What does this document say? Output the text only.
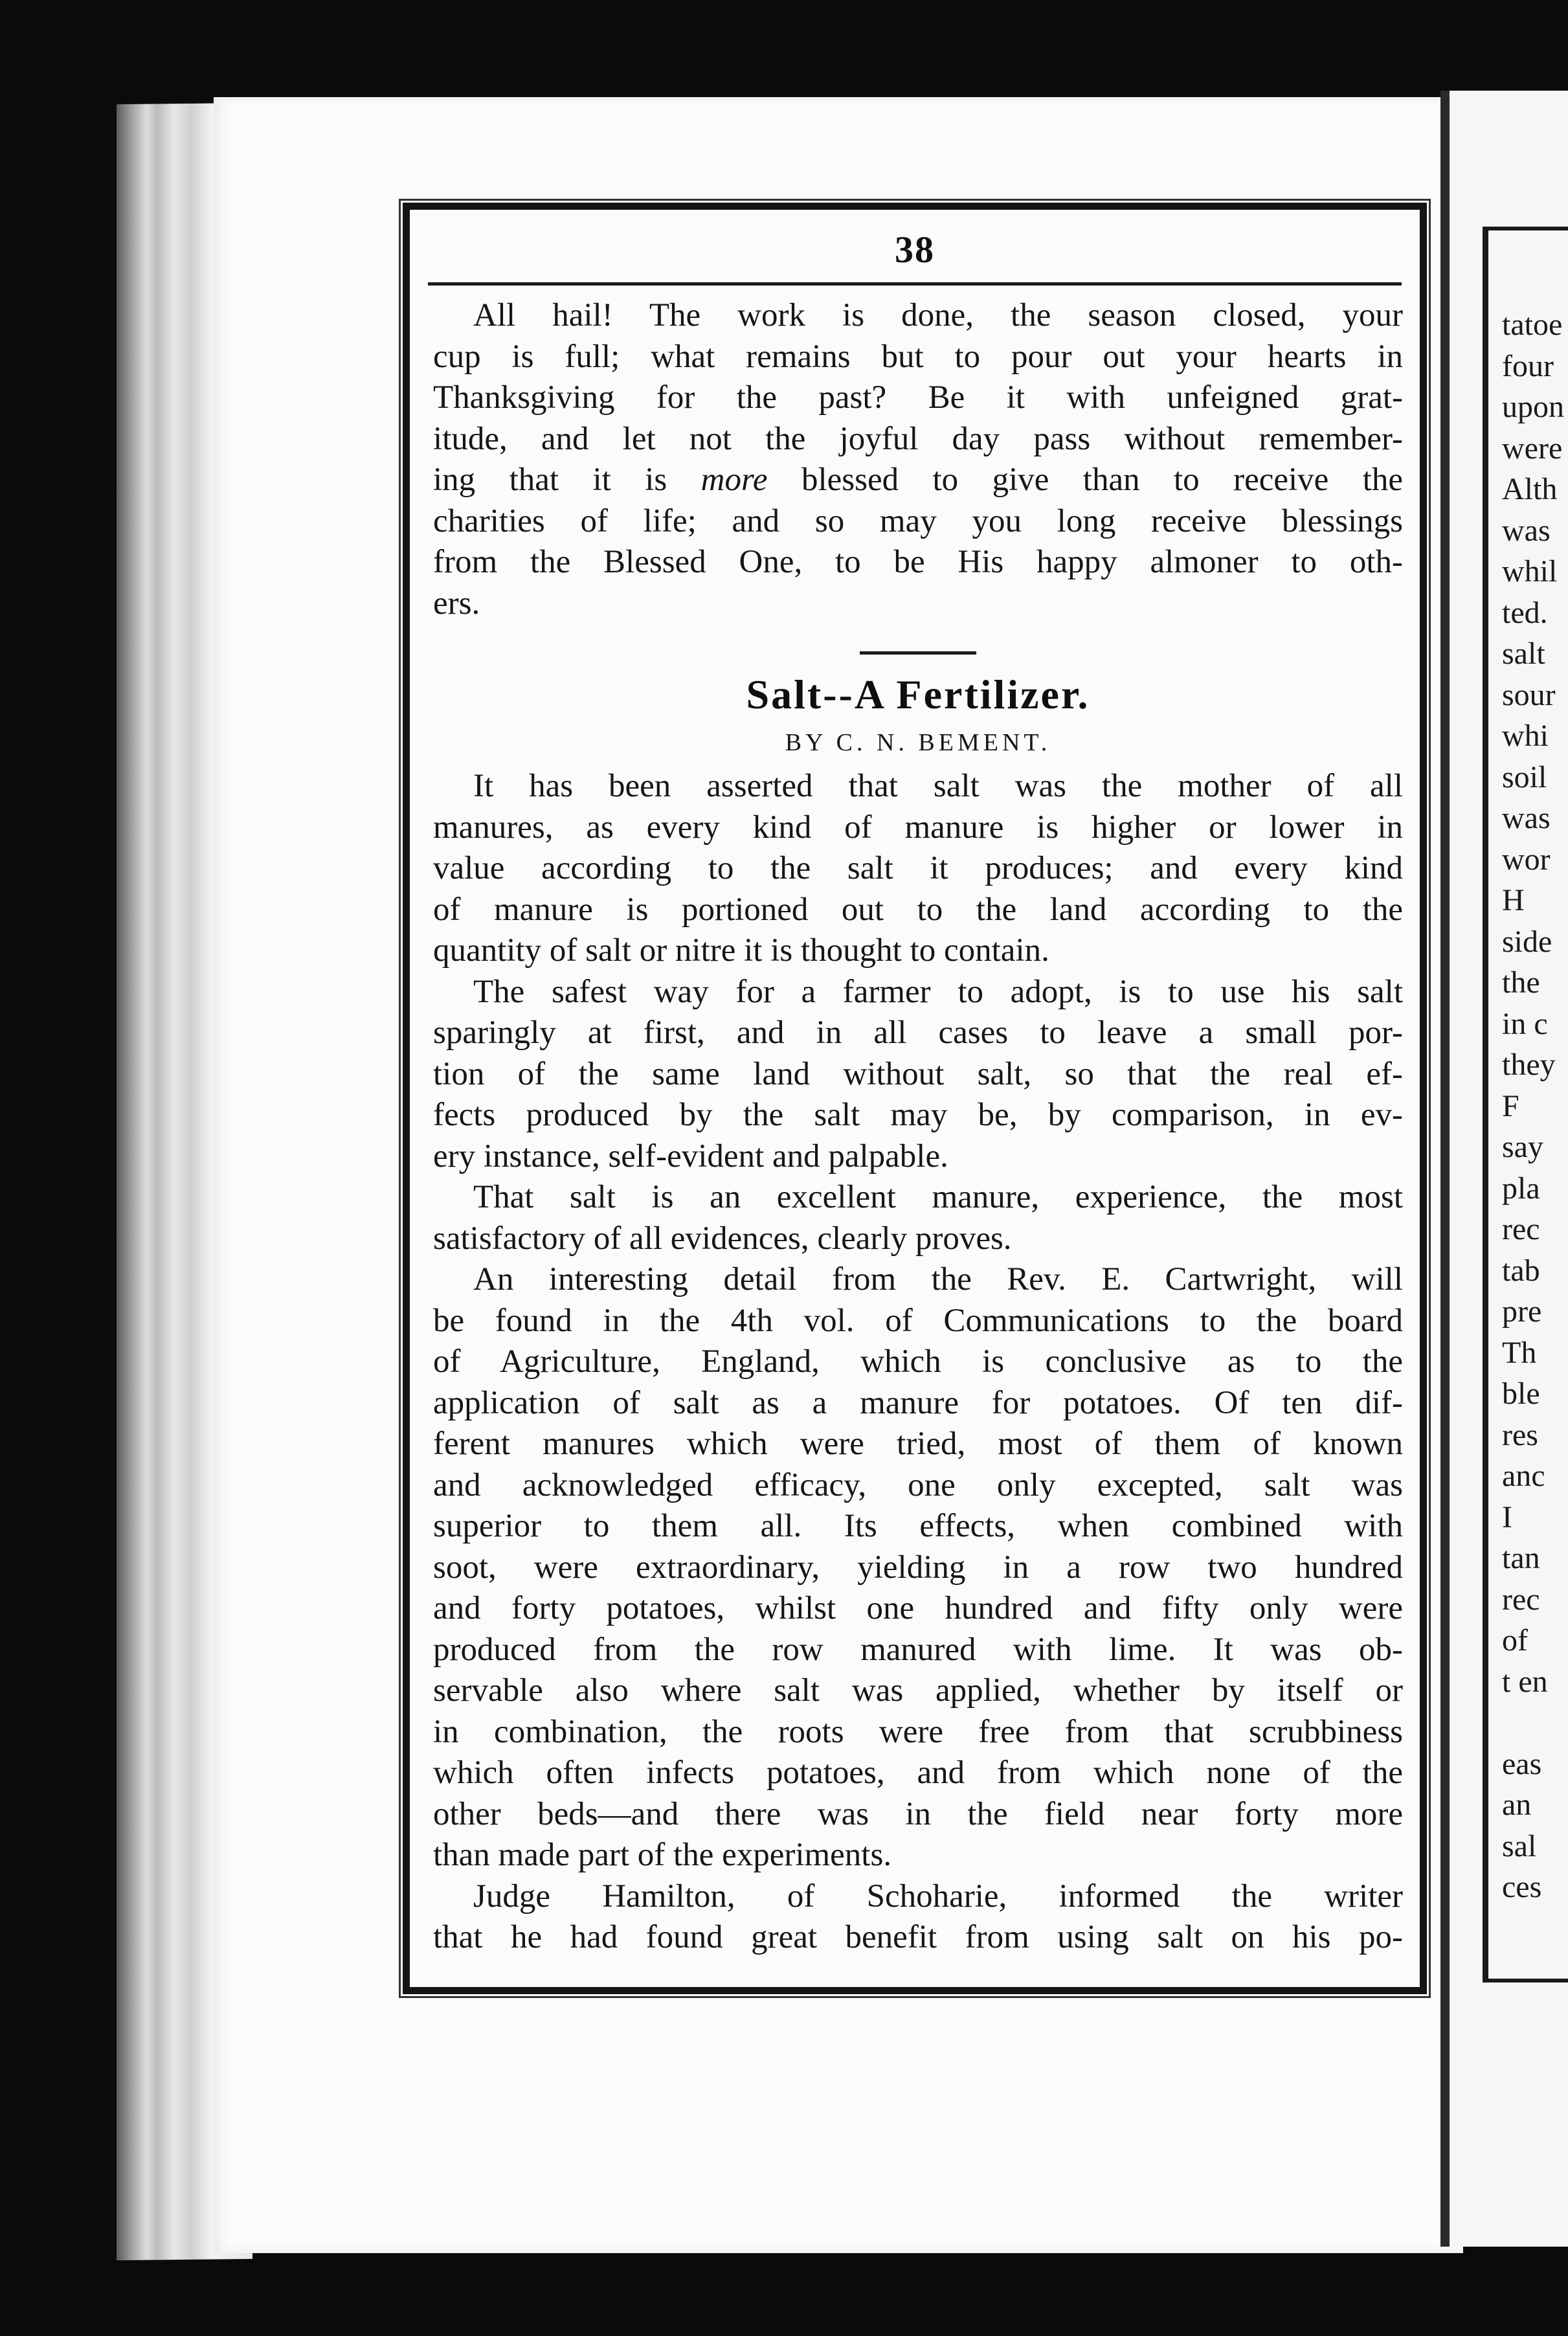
tatoe
four
upon
were
Alth
was
whil
ted.
salt
sour
whi
soil
was
wor
H
side
the
in c
they
F
say
pla
rec
tab
pre
Th
ble
res
anc
I
tan
rec
of
t en
eas
an
sal
ces
38

All hail! The work is done, the season closed, your
cup is full; what remains but to pour out your hearts in
Thanksgiving for the past? Be it with unfeigned grat-
itude, and let not the joyful day pass without remember-
ing that it is more blessed to give than to receive the
charities of life; and so may you long receive blessings
from the Blessed One, to be His happy almoner to oth-
ers.

Salt--A Fertilizer.
BY C. N. BEMENT.

It has been asserted that salt was the mother of all
manures, as every kind of manure is higher or lower in
value according to the salt it produces; and every kind
of manure is portioned out to the land according to the
quantity of salt or nitre it is thought to contain.

The safest way for a farmer to adopt, is to use his salt
sparingly at first, and in all cases to leave a small por-
tion of the same land without salt, so that the real ef-
fects produced by the salt may be, by comparison, in ev-
ery instance, self-evident and palpable.

That salt is an excellent manure, experience, the most
satisfactory of all evidences, clearly proves.

An interesting detail from the Rev. E. Cartwright, will
be found in the 4th vol. of Communications to the board
of Agriculture, England, which is conclusive as to the
application of salt as a manure for potatoes. Of ten dif-
ferent manures which were tried, most of them of known
and acknowledged efficacy, one only excepted, salt was
superior to them all. Its effects, when combined with
soot, were extraordinary, yielding in a row two hundred
and forty potatoes, whilst one hundred and fifty only were
produced from the row manured with lime. It was ob-
servable also where salt was applied, whether by itself or
in combination, the roots were free from that scrubbiness
which often infects potatoes, and from which none of the
other beds—and there was in the field near forty more
than made part of the experiments.

Judge Hamilton, of Schoharie, informed the writer
that he had found great benefit from using salt on his po-
